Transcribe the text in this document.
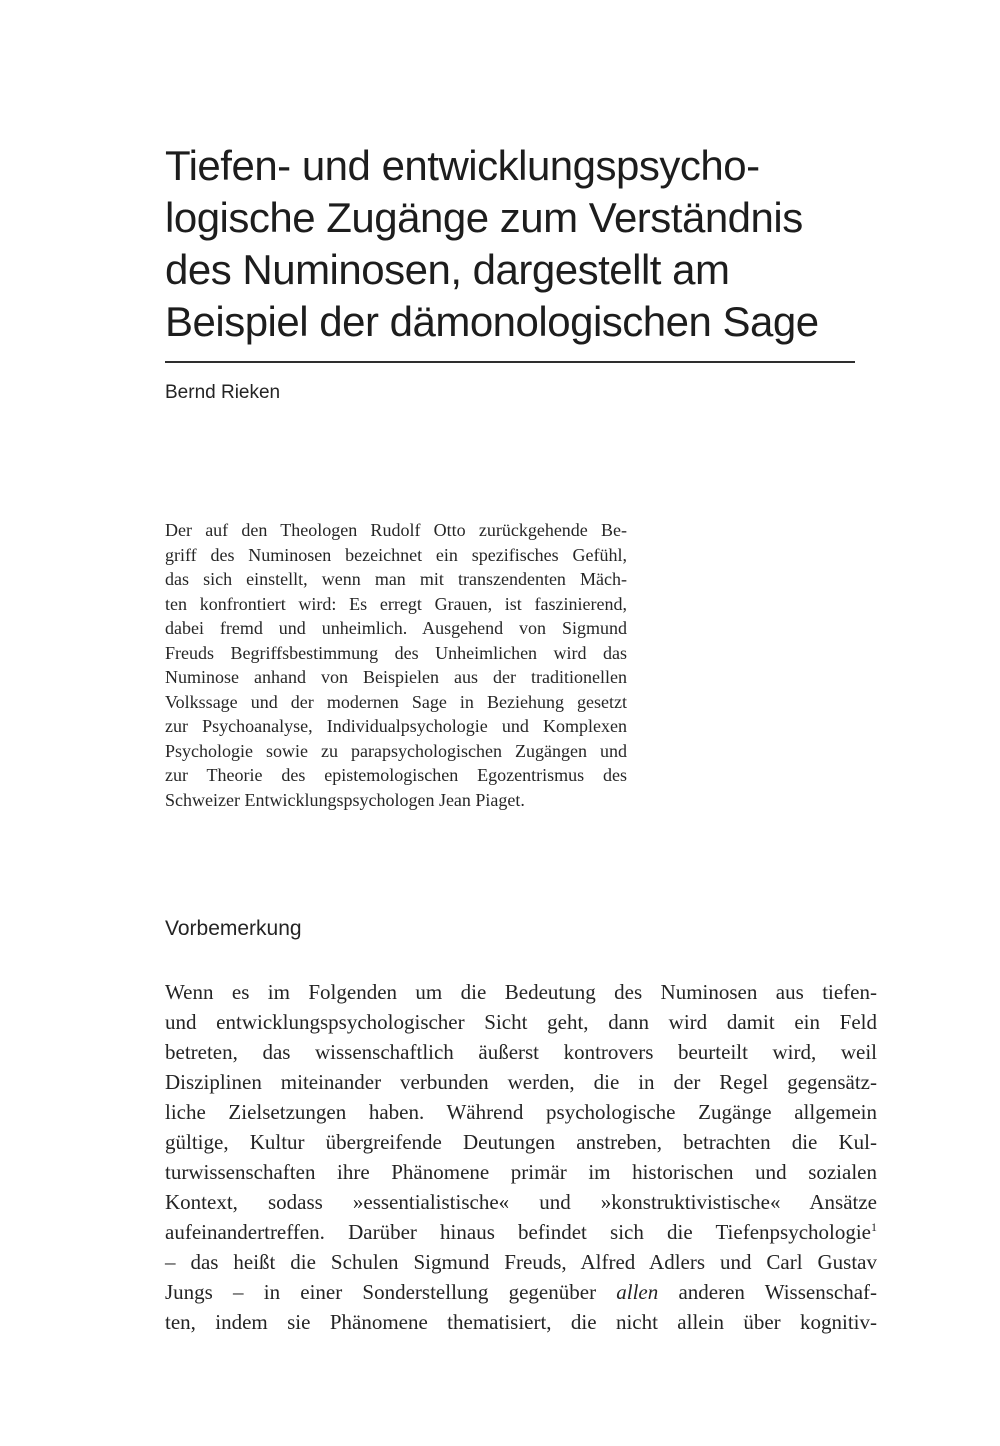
Tiefen- und entwicklungspsycho-
logische Zugänge zum Verständnis
des Numinosen, dargestellt am
Beispiel der dämonologischen Sage
Bernd Rieken
Der auf den Theologen Rudolf Otto zurückgehende Be-
griff des Numinosen bezeichnet ein spezifisches Gefühl,
das sich einstellt, wenn man mit transzendenten Mäch-
ten konfrontiert wird: Es erregt Grauen, ist faszinierend,
dabei fremd und unheimlich. Ausgehend von Sigmund
Freuds Begriffsbestimmung des Unheimlichen wird das
Numinose anhand von Beispielen aus der traditionellen
Volkssage und der modernen Sage in Beziehung gesetzt
zur Psychoanalyse, Individualpsychologie und Komplexen
Psychologie sowie zu parapsychologischen Zugängen und
zur Theorie des epistemologischen Egozentrismus des
Schweizer Entwicklungspsychologen Jean Piaget.
Vorbemerkung
Wenn es im Folgenden um die Bedeutung des Numinosen aus tiefen-
und entwicklungspsychologischer Sicht geht, dann wird damit ein Feld
betreten, das wissenschaftlich äußerst kontrovers beurteilt wird, weil
Disziplinen miteinander verbunden werden, die in der Regel gegensätz-
liche Zielsetzungen haben. Während psychologische Zugänge allgemein
gültige, Kultur übergreifende Deutungen anstreben, betrachten die Kul-
turwissenschaften ihre Phänomene primär im historischen und sozialen
Kontext, sodass »essentialistische« und »konstruktivistische« Ansätze
aufeinandertreffen. Darüber hinaus befindet sich die Tiefenpsychologie$^1$
– das heißt die Schulen Sigmund Freuds, Alfred Adlers und Carl Gustav
Jungs – in einer Sonderstellung gegenüber allen anderen Wissenschaf-
ten, indem sie Phänomene thematisiert, die nicht allein über kognitiv-
